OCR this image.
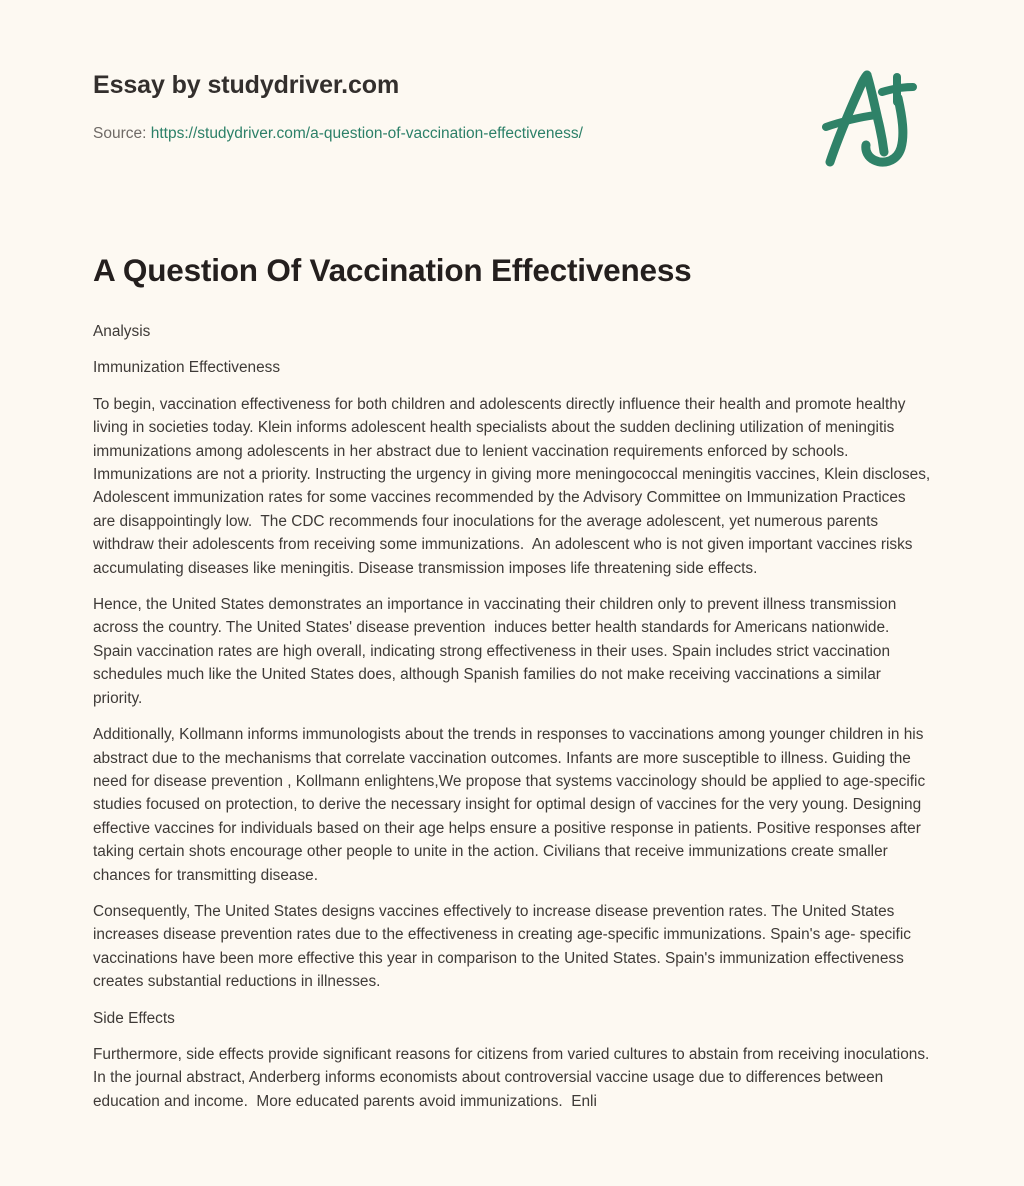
Essay by studydriver.com
Source: https://studydriver.com/a-question-of-vaccination-effectiveness/
A Question Of Vaccination Effectiveness

Analysis

Immunization Effectiveness

To begin, vaccination effectiveness for both children and adolescents directly influence their health and promote healthy living in societies today. Klein informs adolescent health specialists about the sudden declining utilization of meningitis immunizations among adolescents in her abstract due to lenient vaccination requirements enforced by schools. Immunizations are not a priority. Instructing the urgency in giving more meningococcal meningitis vaccines, Klein discloses, Adolescent immunization rates for some vaccines recommended by the Advisory Committee on Immunization Practices are disappointingly low.  The CDC recommends four inoculations for the average adolescent, yet numerous parents withdraw their adolescents from receiving some immunizations.  An adolescent who is not given important vaccines risks accumulating diseases like meningitis. Disease transmission imposes life threatening side effects.

Hence, the United States demonstrates an importance in vaccinating their children only to prevent illness transmission across the country. The United States' disease prevention  induces better health standards for Americans nationwide. Spain vaccination rates are high overall, indicating strong effectiveness in their uses. Spain includes strict vaccination schedules much like the United States does, although Spanish families do not make receiving vaccinations a similar priority.

Additionally, Kollmann informs immunologists about the trends in responses to vaccinations among younger children in his abstract due to the mechanisms that correlate vaccination outcomes. Infants are more susceptible to illness. Guiding the need for disease prevention , Kollmann enlightens,We propose that systems vaccinology should be applied to age-specific studies focused on protection, to derive the necessary insight for optimal design of vaccines for the very young. Designing effective vaccines for individuals based on their age helps ensure a positive response in patients. Positive responses after taking certain shots encourage other people to unite in the action. Civilians that receive immunizations create smaller chances for transmitting disease.

Consequently, The United States designs vaccines effectively to increase disease prevention rates. The United States increases disease prevention rates due to the effectiveness in creating age-specific immunizations. Spain's age- specific vaccinations have been more effective this year in comparison to the United States. Spain's immunization effectiveness creates substantial reductions in illnesses.

Side Effects

Furthermore, side effects provide significant reasons for citizens from varied cultures to abstain from receiving inoculations. In the journal abstract, Anderberg informs economists about controversial vaccine usage due to differences between education and income.  More educated parents avoid immunizations.  Enli
